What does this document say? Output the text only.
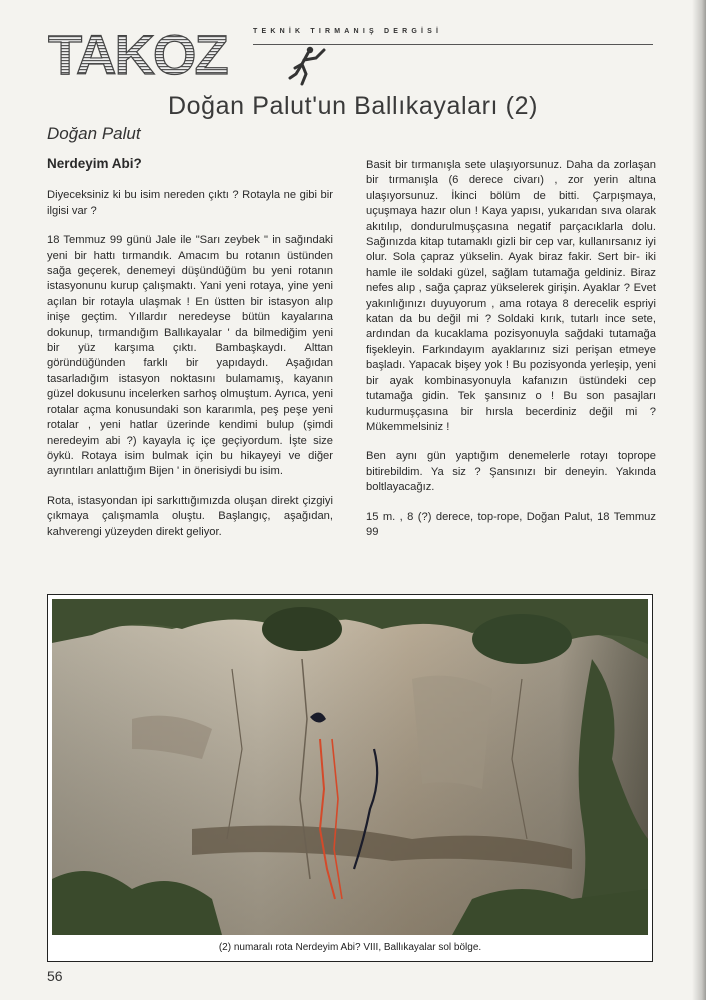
TAKOZ	TEKNİK TIRMANIŞ DERGİSİ
Doğan Palut'un Ballıkayaları (2)
Doğan Palut

Nerdeyim Abi?

Diyeceksiniz ki bu isim nereden çıktı ? Rotayla ne gibi bir ilgisi var ?

18 Temmuz 99 günü Jale ile "Sarı zeybek " in sağındaki yeni bir hattı tırmandık. Amacım bu rotanın üstünden sağa geçerek, denemeyi düşündüğüm bu yeni rotanın istasyonunu kurup çalışmaktı. Yani yeni rotaya, yine yeni açılan bir rotayla ulaşmak ! En üstten bir istasyon alıp inişe geçtim. Yıllardır neredeyse bütün kayalarına dokunup, tırmandığım Ballıkayalar ' da bilmediğim yeni bir yüz karşıma çıktı. Bambaşkaydı. Alttan göründüğünden farklı bir yapıdaydı. Aşağıdan tasarladığım istasyon noktasını bulamamış, kayanın güzel dokusunu incelerken sarhoş olmuştum. Ayrıca, yeni rotalar açma konusundaki son kararımla, peş peşe yeni rotalar , yeni hatlar üzerinde kendimi bulup (şimdi neredeyim abi ?) kayayla iç içe geçiyordum. İşte size öykü. Rotaya isim bulmak için bu hikayeyi ve diğer ayrıntıları anlattığım Bijen ' in önerisiydi bu isim.

Rota, istasyondan ipi sarkıttığımızda oluşan direkt çizgiyi çıkmaya çalışmamla oluştu. Başlangıç, aşağıdan, kahverengi yüzeyden direkt geliyor.

Basit bir tırmanışla sete ulaşıyorsunuz. Daha da zorlaşan bir tırmanışla (6 derece civarı) , zor yerin altına ulaşıyorsunuz. İkinci bölüm de bitti. Çarpışmaya, uçuşmaya hazır olun ! Kaya yapısı, yukarıdan sıva olarak akıtılıp, dondurulmuşçasına negatif parçacıklarla dolu. Sağınızda kitap tutamaklı gizli bir cep var, kullanırsanız iyi olur. Sola çapraz yükselin. Ayak biraz fakir. Sert bir- iki hamle ile soldaki güzel, sağlam tutamağa geldiniz. Biraz nefes alıp , sağa çapraz yükselerek girişin. Ayaklar ? Evet yakınlığınızı duyuyorum , ama rotaya 8 derecelik espriyi katan da bu değil mi ? Soldaki kırık, tutarlı ince sete, ardından da kucaklama pozisyonuyla sağdaki tutamağa fişekleyin. Farkındayım ayaklarınız sizi perişan etmeye başladı. Yapacak bişey yok ! Bu pozisyonda yerleşip, yeni bir ayak kombinasyonuyla kafanızın üstündeki cep tutamağa gidin. Tek şansınız o ! Bu son pasajları kudurmuşçasına bir hırsla becerdiniz değil mi ? Mükemmelsiniz !

Ben aynı gün yaptığım denemelerle rotayı toprope bitirebildim. Ya siz ? Şansınızı bir deneyin. Yakında boltlayacağız.

15 m. , 8 (?) derece, top-rope, Doğan Palut, 18 Temmuz 99

(2) numaralı rota Nerdeyim Abi? VIII, Ballıkayalar sol bölge.
56
